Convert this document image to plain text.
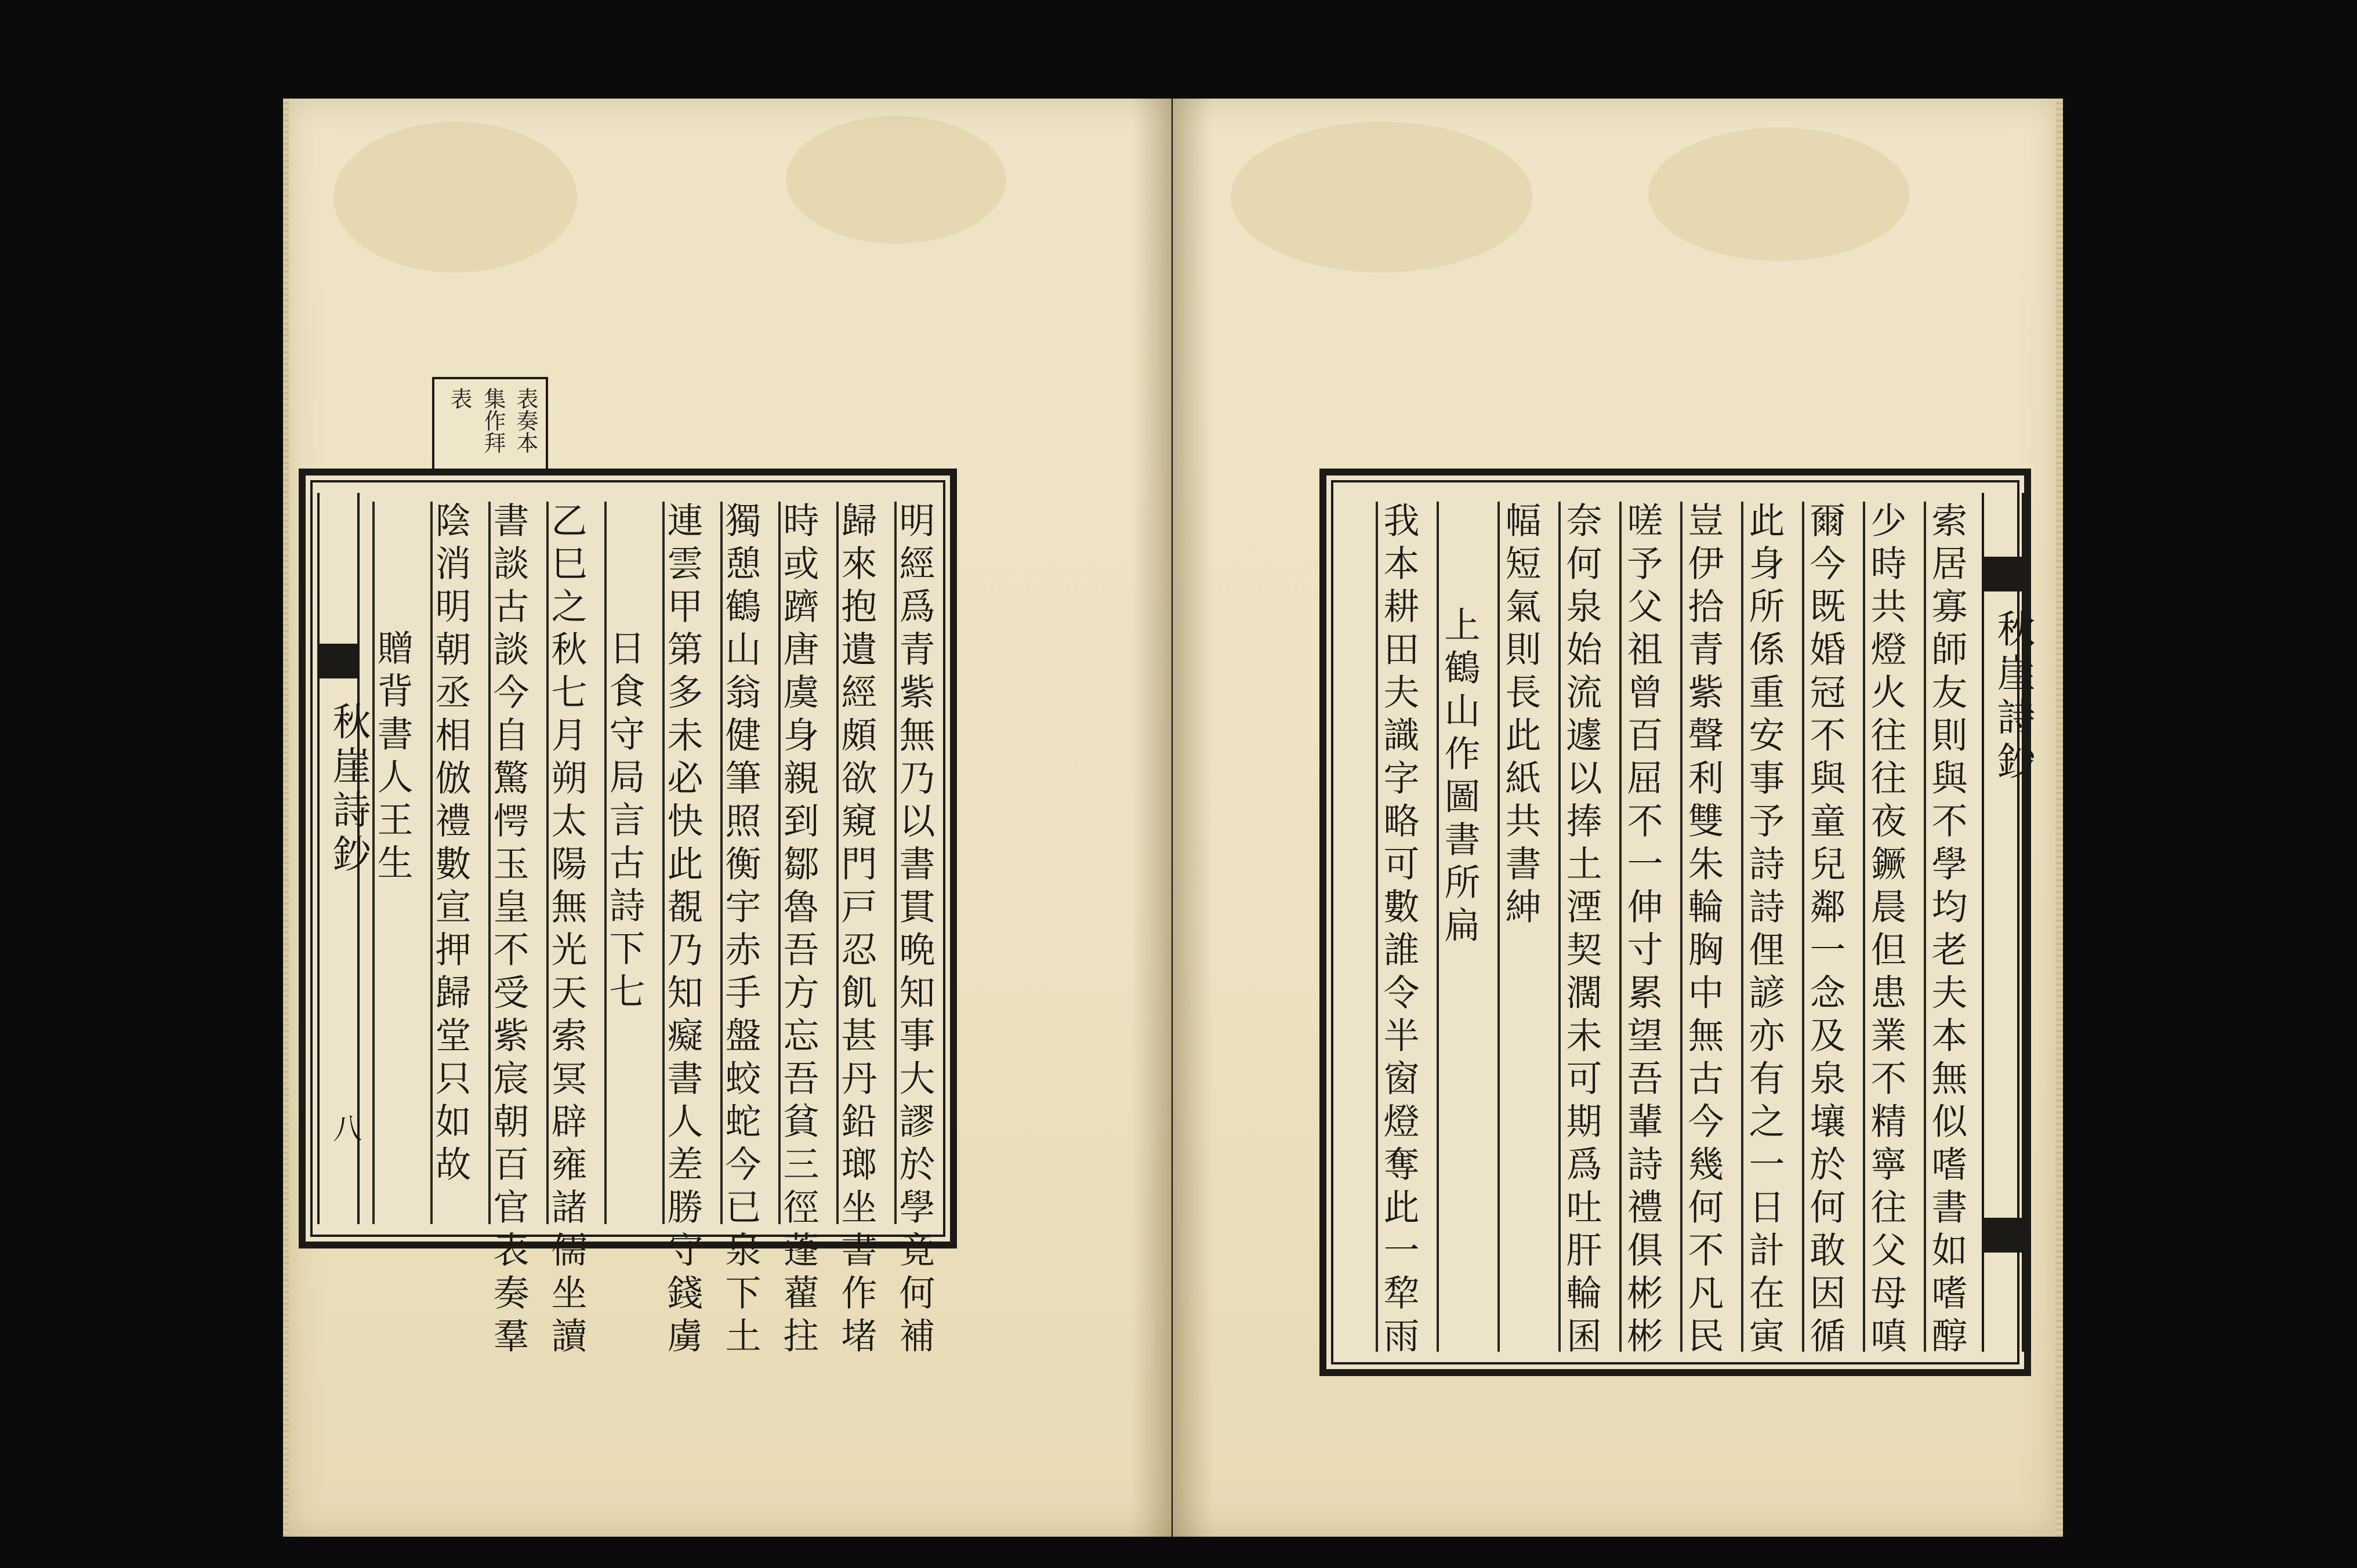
表奏本
集作拜
表
明經爲青紫無乃以書貫晩知事大謬於學竟何補
歸來抱遺經頗欲窺門戸忍飢甚丹鉛瑯坐書作堵
時或躋唐虞身親到鄒魯吾方忘吾貧三徑蓬藋拄
獨憩鶴山翁健筆照衡宇赤手盤蛟蛇今已泉下土
連雲甲第多未必快此覩乃知癡書人差勝守錢虜
日食守局言古詩下七
乙巳之秋七月朔太陽無光天索冥辟雍諸儒坐讀
書談古談今自驚愕玉皇不受紫宸朝百官表奏羣
陰消明朝丞相倣禮數宣押歸堂只如故
贈背書人王生
秋崖詩鈔
八
秋崖詩鈔
索居寡師友則與不學均老夫本無似嗜書如嗜醇
少時共燈火往往夜鐝晨但患業不精寧往父母嗔
爾今既婚冠不與童兒鄰一念及泉壤於何敢因循
此身所係重安事予詩詩俚諺亦有之一日計在寅
豈伊拾青紫聲利雙朱輪胸中無古今幾何不凡民
嗟予父祖曾百屈不一伸寸累望吾輩詩禮俱彬彬
奈何泉始流遽以捧土湮契濶未可期爲吐肝輪囷
幅短氣則長此紙共書紳
上鶴山作圖書所扁
我本耕田夫識字略可數誰令半窗燈奪此一犂雨
